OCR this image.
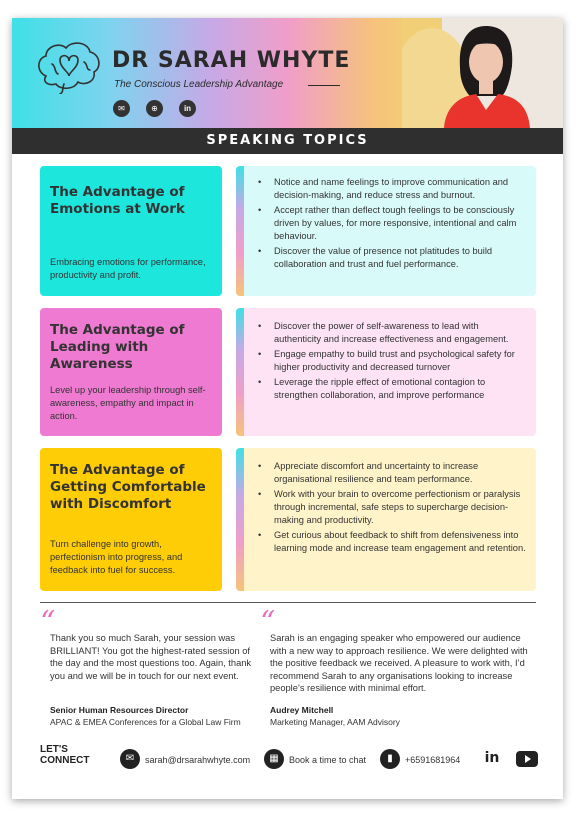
DR SARAH WHYTE
The Conscious Leadership Advantage
✉	⊕	in
SPEAKING TOPICS
The Advantage of Emotions at Work

Embracing emotions for performance, productivity and profit.

• Notice and name feelings to improve communication and decision-making, and reduce stress and burnout.
• Accept rather than deflect tough feelings to be consciously driven by values, for more responsive, intentional and calm behaviour.
• Discover the value of presence not platitudes to build collaboration and trust and fuel performance.
The Advantage of Leading with Awareness

Level up your leadership through self-awareness, empathy and impact in action.

• Discover the power of self-awareness to lead with authenticity and increase effectiveness and engagement.
• Engage empathy to build trust and psychological safety for higher productivity and decreased turnover
• Leverage the ripple effect of emotional contagion to strengthen collaboration, and improve performance
The Advantage of Getting Comfortable with Discomfort

Turn challenge into growth, perfectionism into progress, and feedback into fuel for success.

• Appreciate discomfort and uncertainty to increase organisational resilience and team performance.
• Work with your brain to overcome perfectionism or paralysis through incremental, safe steps to supercharge decision-making and productivity.
• Get curious about feedback to shift from defensiveness into learning mode and increase team engagement and retention.
“
Thank you so much Sarah, your session was BRILLIANT! You got the highest-rated session of the day and the most questions too. Again, thank you and we will be in touch for our next event.
Senior Human Resources Director
APAC & EMEA Conferences for a Global Law Firm
“
Sarah is an engaging speaker who empowered our audience with a new way to approach resilience. We were delighted with the positive feedback we received. A pleasure to work with, I’d recommend Sarah to any organisations looking to increase people’s resilience with minimal effort.
Audrey Mitchell
Marketing Manager, AAM Advisory
LET'S
CONNECT	✉	sarah@drsarahwhyte.com	▦	Book a time to chat	▮	+6591681964 in
